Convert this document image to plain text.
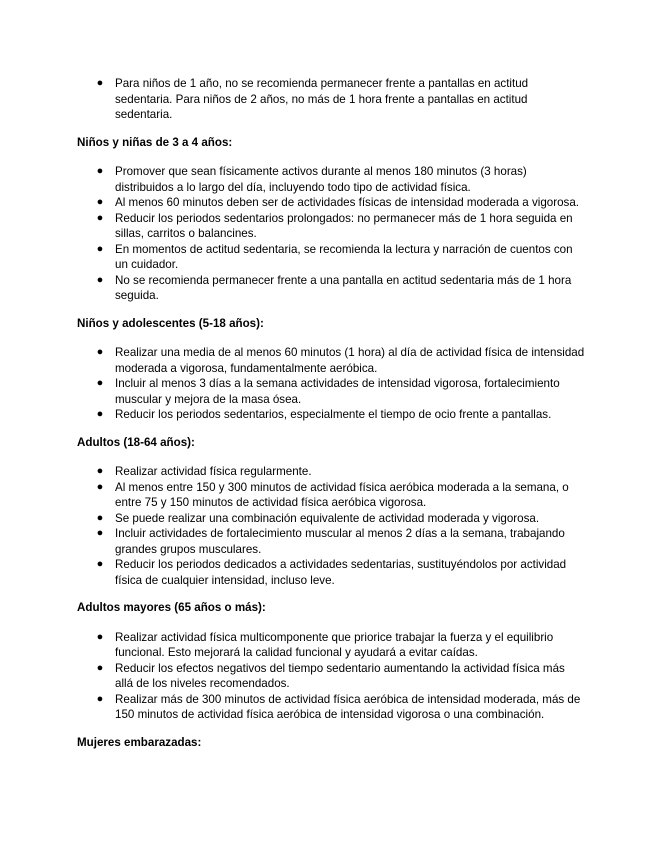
● Para niños de 1 año, no se recomienda permanecer frente a pantallas en actitud sedentaria. Para niños de 2 años, no más de 1 hora frente a pantallas en actitud sedentaria.

Niños y niñas de 3 a 4 años:

● Promover que sean físicamente activos durante al menos 180 minutos (3 horas) distribuidos a lo largo del día, incluyendo todo tipo de actividad física.
● Al menos 60 minutos deben ser de actividades físicas de intensidad moderada a vigorosa.
● Reducir los periodos sedentarios prolongados: no permanecer más de 1 hora seguida en sillas, carritos o balancines.
● En momentos de actitud sedentaria, se recomienda la lectura y narración de cuentos con un cuidador.
● No se recomienda permanecer frente a una pantalla en actitud sedentaria más de 1 hora seguida.

Niños y adolescentes (5-18 años):

● Realizar una media de al menos 60 minutos (1 hora) al día de actividad física de intensidad moderada a vigorosa, fundamentalmente aeróbica.
● Incluir al menos 3 días a la semana actividades de intensidad vigorosa, fortalecimiento muscular y mejora de la masa ósea.
● Reducir los periodos sedentarios, especialmente el tiempo de ocio frente a pantallas.

Adultos (18-64 años):

● Realizar actividad física regularmente.
● Al menos entre 150 y 300 minutos de actividad física aeróbica moderada a la semana, o entre 75 y 150 minutos de actividad física aeróbica vigorosa.
● Se puede realizar una combinación equivalente de actividad moderada y vigorosa.
● Incluir actividades de fortalecimiento muscular al menos 2 días a la semana, trabajando grandes grupos musculares.
● Reducir los periodos dedicados a actividades sedentarias, sustituyéndolos por actividad física de cualquier intensidad, incluso leve.

Adultos mayores (65 años o más):

● Realizar actividad física multicomponente que priorice trabajar la fuerza y el equilibrio funcional. Esto mejorará la calidad funcional y ayudará a evitar caídas.
● Reducir los efectos negativos del tiempo sedentario aumentando la actividad física más allá de los niveles recomendados.
● Realizar más de 300 minutos de actividad física aeróbica de intensidad moderada, más de 150 minutos de actividad física aeróbica de intensidad vigorosa o una combinación.

Mujeres embarazadas:
